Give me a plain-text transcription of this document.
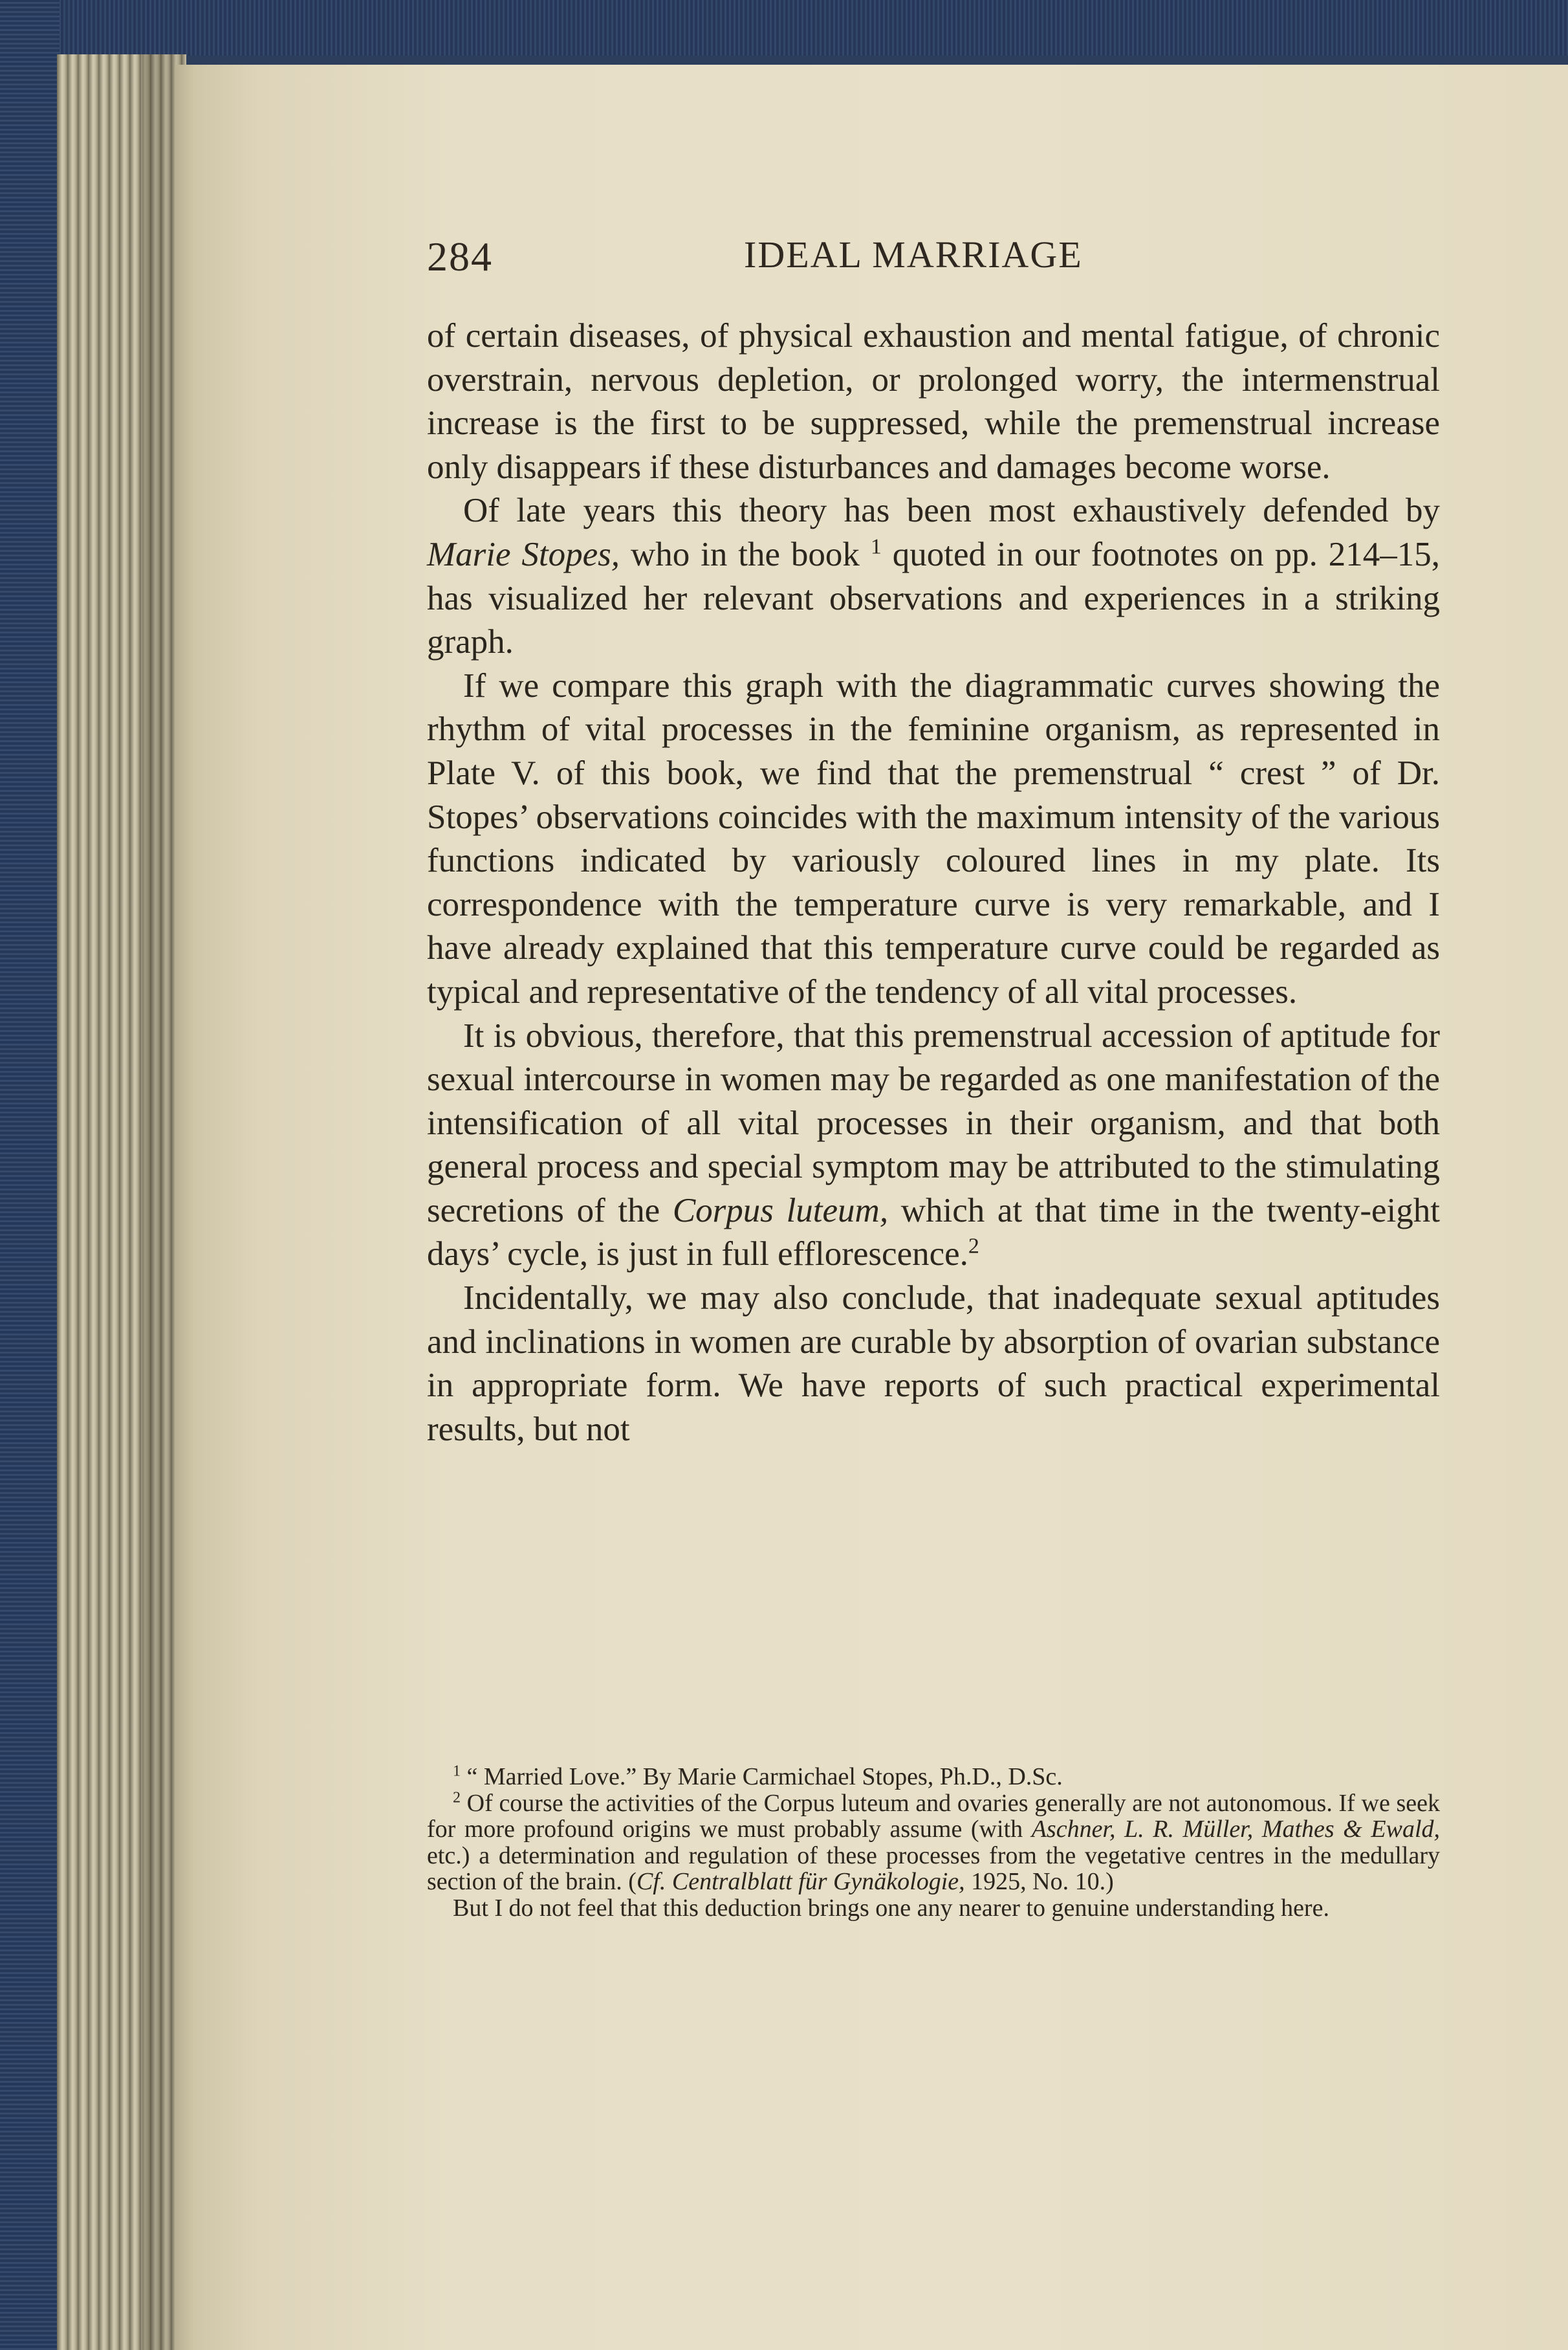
284	IDEAL MARRIAGE

of certain diseases, of physical exhaustion and mental fatigue, of chronic overstrain, nervous depletion, or prolonged worry, the intermenstrual increase is the first to be suppressed, while the premenstrual increase only disappears if these disturbances and damages become worse.

Of late years this theory has been most exhaustively defended by Marie Stopes, who in the book $^1$ quoted in our footnotes on pp. 214–15, has visualized her relevant observations and experiences in a striking graph.

If we compare this graph with the diagrammatic curves showing the rhythm of vital processes in the feminine organism, as represented in Plate V. of this book, we find that the premenstrual “ crest ” of Dr. Stopes’ observations coincides with the maximum intensity of the various functions indicated by variously coloured lines in my plate. Its correspondence with the temperature curve is very remarkable, and I have already explained that this temperature curve could be regarded as typical and representative of the tendency of all vital processes.

It is obvious, therefore, that this premenstrual accession of aptitude for sexual intercourse in women may be regarded as one manifestation of the intensification of all vital processes in their organism, and that both general process and special symptom may be attributed to the stimulating secretions of the Corpus luteum, which at that time in the twenty-eight days’ cycle, is just in full efflorescence.$^2$

Incidentally, we may also conclude, that inadequate sexual aptitudes and inclinations in women are curable by absorption of ovarian substance in appropriate form. We have reports of such practical experimental results, but not

$^1$ “ Married Love.” By Marie Carmichael Stopes, Ph.D., D.Sc.

$^2$ Of course the activities of the Corpus luteum and ovaries generally are not autonomous. If we seek for more profound origins we must probably assume (with Aschner, L. R. Müller, Mathes & Ewald, etc.) a determination and regulation of these processes from the vegetative centres in the medullary section of the brain. (Cf. Centralblatt für Gynäkologie, 1925, No. 10.)

But I do not feel that this deduction brings one any nearer to genuine understanding here.
